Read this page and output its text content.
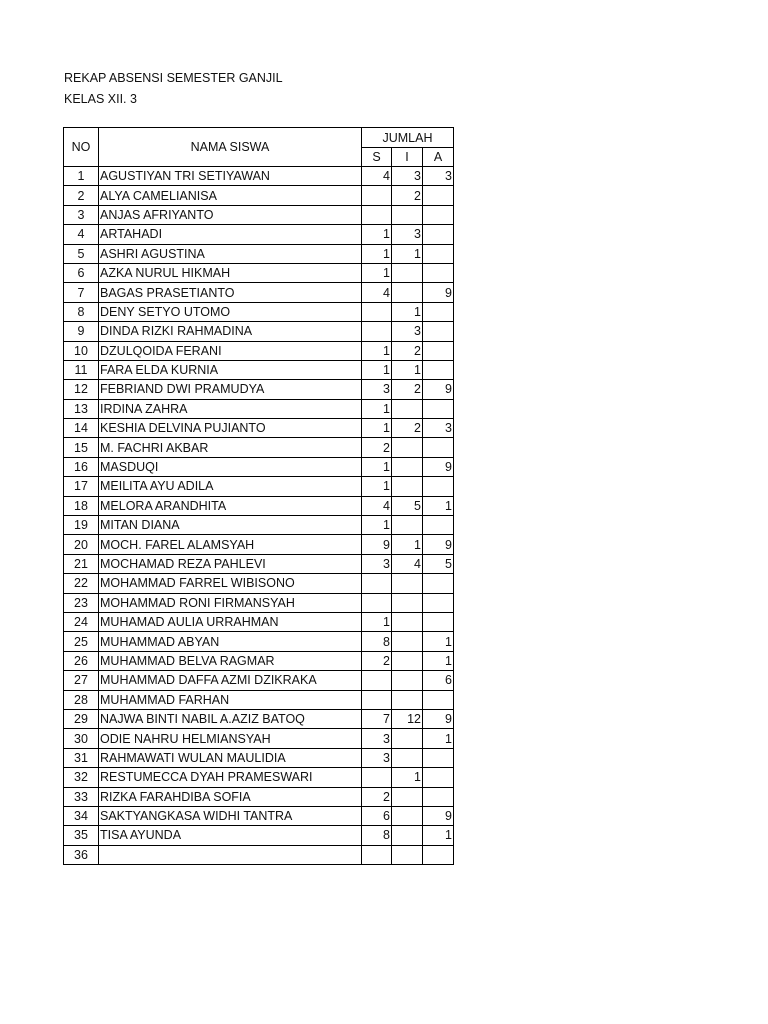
REKAP ABSENSI SEMESTER GANJIL
KELAS XII. 3
NO	NAMA SISWA	JUMLAH		
		S	I	A
1	AGUSTIYAN TRI SETIYAWAN	4	3	3
2	ALYA CAMELIANISA		2	
3	ANJAS AFRIYANTO			
4	ARTAHADI	1	3	
5	ASHRI AGUSTINA	1	1	
6	AZKA NURUL HIKMAH	1		
7	BAGAS PRASETIANTO	4		9
8	DENY SETYO UTOMO		1	
9	DINDA RIZKI RAHMADINA		3	
10	DZULQOIDA FERANI	1	2	
11	FARA ELDA KURNIA	1	1	
12	FEBRIAND DWI PRAMUDYA	3	2	9
13	IRDINA ZAHRA	1		
14	KESHIA DELVINA PUJIANTO	1	2	3
15	M. FACHRI AKBAR	2		
16	MASDUQI	1		9
17	MEILITA AYU ADILA	1		
18	MELORA ARANDHITA	4	5	1
19	MITAN DIANA	1		
20	MOCH. FAREL ALAMSYAH	9	1	9
21	MOCHAMAD REZA PAHLEVI	3	4	5
22	MOHAMMAD FARREL WIBISONO			
23	MOHAMMAD RONI FIRMANSYAH			
24	MUHAMAD AULIA URRAHMAN	1		
25	MUHAMMAD ABYAN	8		1
26	MUHAMMAD BELVA RAGMAR	2		1
27	MUHAMMAD DAFFA AZMI DZIKRAKA			6
28	MUHAMMAD FARHAN			
29	NAJWA BINTI NABIL A.AZIZ BATOQ	7	12	9
30	ODIE NAHRU HELMIANSYAH	3		1
31	RAHMAWATI WULAN MAULIDIA	3		
32	RESTUMECCA DYAH PRAMESWARI		1	
33	RIZKA FARAHDIBA SOFIA	2		
34	SAKTYANGKASA WIDHI TANTRA	6		9
35	TISA AYUNDA	8		1
36				
